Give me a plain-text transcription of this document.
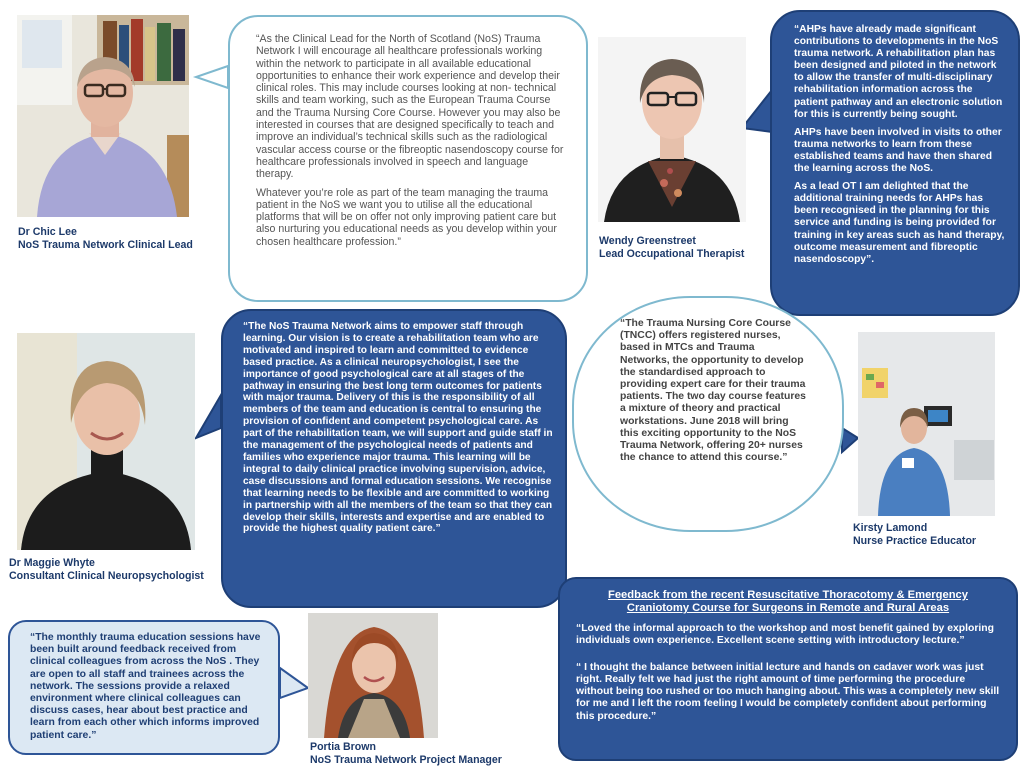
Dr Chic Lee
NoS Trauma Network Clinical Lead

“As the Clinical Lead for the North of Scotland (NoS) Trauma Network I will encourage all healthcare professionals working within the network to participate in all available educational opportunities to enhance their work experience and develop their clinical roles. This may include courses looking at non- technical skills and team working, such as the European Trauma Course and the Trauma Nursing Core Course. However you may also be interested in courses that are designed specifically to teach and improve an individual’s technical skills such as the radiological vascular access course or the fibreoptic nasendoscopy course for healthcare professionals involved in speech and language therapy.

Whatever you’re role as part of the team managing the trauma patient in the NoS we want you to utilise all the educational platforms that will be on offer not only improving patient care but also nurturing you educational needs as you develop within your chosen healthcare profession.”	Wendy Greenstreet
Lead Occupational Therapist

“AHPs have already made significant contributions to developments in the NoS trauma network. A rehabilitation plan has been designed and piloted in the network to allow the transfer of multi-disciplinary rehabilitation information across the patient pathway and an electronic solution for this is currently being sought.

AHPs have been involved in visits to other trauma networks to learn from these established teams and have then shared the learning across the NoS.

As a lead OT I am delighted that the additional training needs for AHPs has been recognised in the planning for this service and funding is being provided for training in key areas such as hand therapy, outcome measurement and fibreoptic nasendoscopy”.

Dr Maggie Whyte
Consultant Clinical Neuropsychologist

“The NoS Trauma Network aims to empower staff through learning. Our vision is to create a rehabilitation team who are motivated and inspired to learn and committed to evidence based practice. As a clinical neuropsychologist, I see the importance of good psychological care at all stages of the pathway in ensuring the best long term outcomes for patients with major trauma. Delivery of this is the responsibility of all members of the team and education is central to ensuring the provision of confident and competent psychological care. As part of the rehabilitation team, we will support and guide staff in the management of the psychological needs of patients and families who experience major trauma. This learning will be integral to daily clinical practice involving supervision, advice, case discussions and formal education sessions. We recognise that learning needs to be flexible and are committed to working in partnership with all the members of the team so that they can develop their skills, interests and expertise and are enabled to provide the highest quality patient care.”

“The Trauma Nursing Core Course (TNCC) offers registered nurses, based in MTCs and Trauma Networks, the opportunity to develop the standardised approach to providing expert care for their trauma patients. The two day course features a mixture of theory and practical workstations. June 2018 will bring this exciting opportunity to the NoS Trauma Network, offering 20+ nurses the chance to attend this course.”

Kirsty Lamond
Nurse Practice Educator

“The monthly trauma education sessions have been built around feedback received from clinical colleagues from across the NoS . They are open to all staff and trainees across the network. The sessions provide a relaxed environment where clinical colleagues can discuss cases, hear about best practice and learn from each other which informs improved patient care.”

Portia Brown
NoS Trauma Network Project Manager
Feedback from the recent Resuscitative Thoracotomy & Emergency
Craniotomy Course for Surgeons in Remote and Rural Areas

“Loved the informal approach to the workshop and most benefit gained by exploring individuals own experience. Excellent scene setting with introductory lecture.”

“ I thought the balance between initial lecture and hands on cadaver work was just right. Really felt we had just the right amount of time performing the procedure without being too rushed or too much hanging about. This was a completely new skill for me and I left the room feeling I would be completely confident about performing this procedure.”
